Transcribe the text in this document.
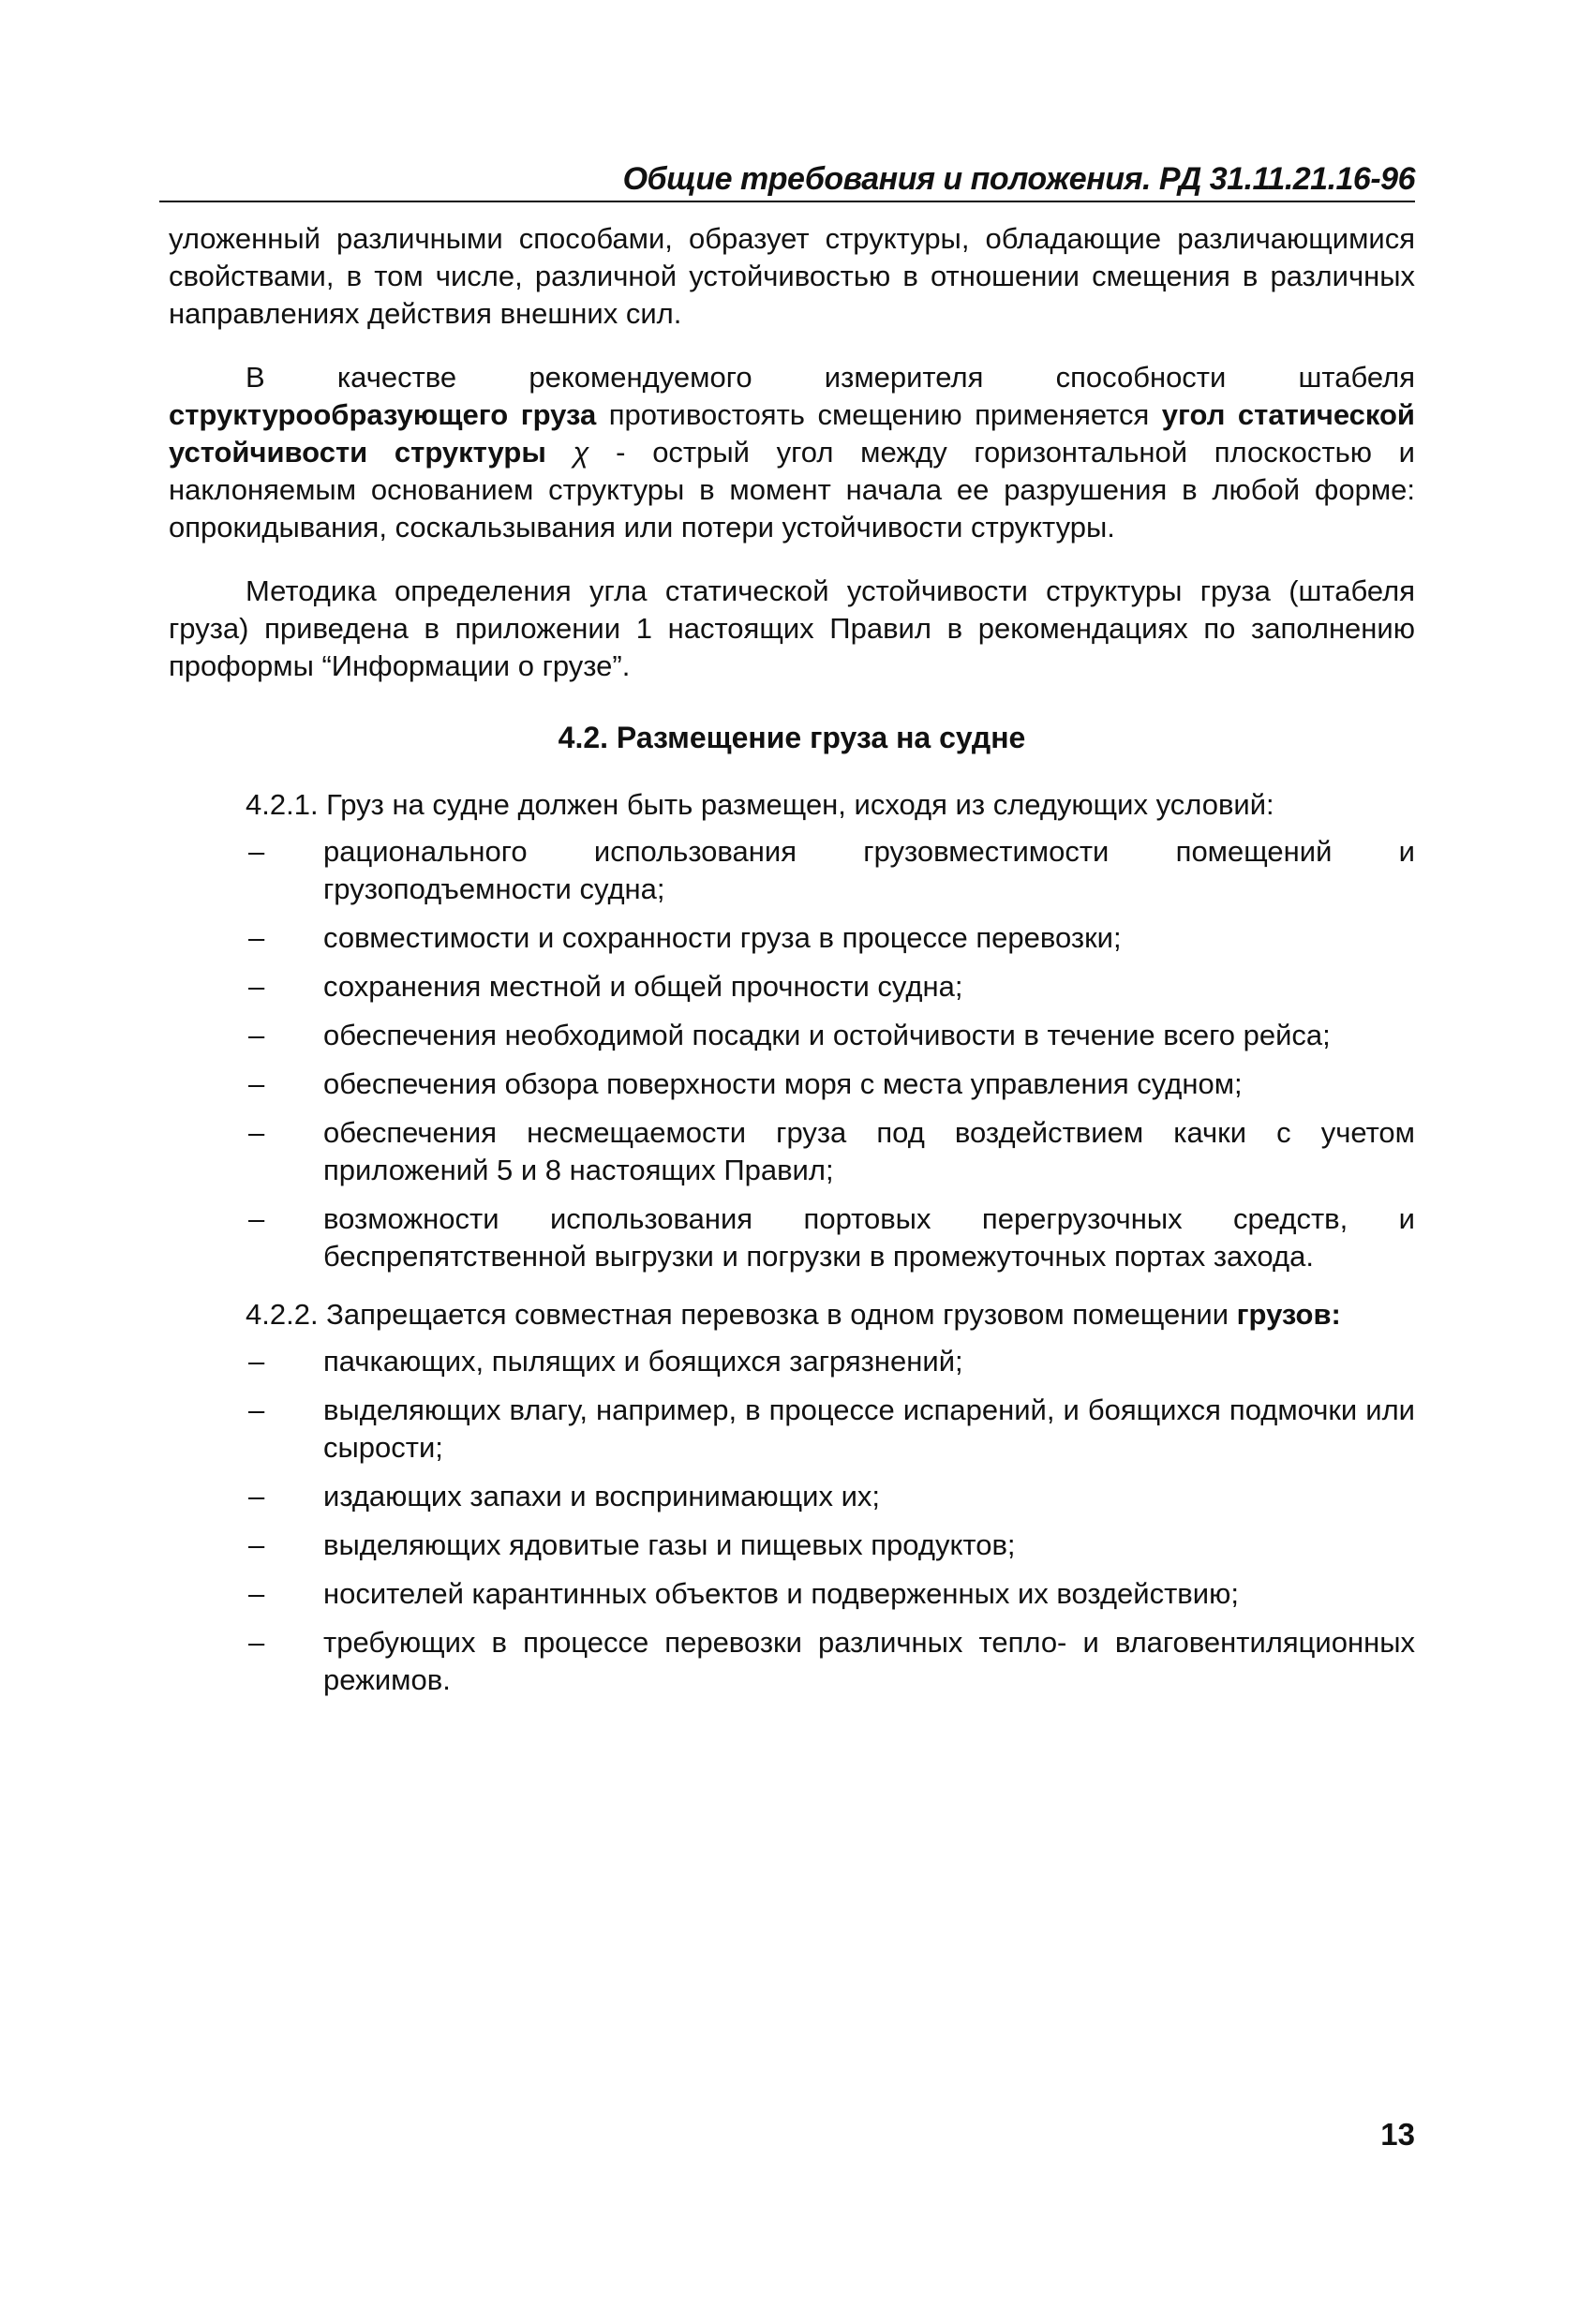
Общие требования и положения. РД 31.11.21.16-96

уложенный различными способами, образует структуры, обладающие различающимися свойствами, в том числе, различной устойчивостью в отношении смещения в различных направлениях действия внешних сил.

В качестве рекомендуемого измерителя способности штабеля структурообразующего груза противостоять смещению применяется угол статической устойчивости структуры χ - острый угол между горизонтальной плоскостью и наклоняемым основанием структуры в момент начала ее разрушения в любой форме: опрокидывания, соскальзывания или потери устойчивости структуры.

Методика определения угла статической устойчивости структуры груза (штабеля груза) приведена в приложении 1 настоящих Правил в рекомендациях по заполнению проформы “Информации о грузе”.

4.2. Размещение груза на судне

4.2.1. Груз на судне должен быть размещен, исходя из следующих условий:

– рационального использования грузовместимости помещений и грузоподъемности судна;
– совместимости и сохранности груза в процессе перевозки;
– сохранения местной и общей прочности судна;
– обеспечения необходимой посадки и остойчивости в течение всего рейса;
– обеспечения обзора поверхности моря с места управления судном;
– обеспечения несмещаемости груза под воздействием качки с учетом приложений 5 и 8 настоящих Правил;
– возможности использования портовых перегрузочных средств, и беспрепятственной выгрузки и погрузки в промежуточных портах захода.

4.2.2. Запрещается совместная перевозка в одном грузовом помещении грузов:

– пачкающих, пылящих и боящихся загрязнений;
– выделяющих влагу, например, в процессе испарений, и боящихся подмочки или сырости;
– издающих запахи и воспринимающих их;
– выделяющих ядовитые газы и пищевых продуктов;
– носителей карантинных объектов и подверженных их воздействию;
– требующих в процессе перевозки различных тепло- и влаговентиляционных режимов.
13
